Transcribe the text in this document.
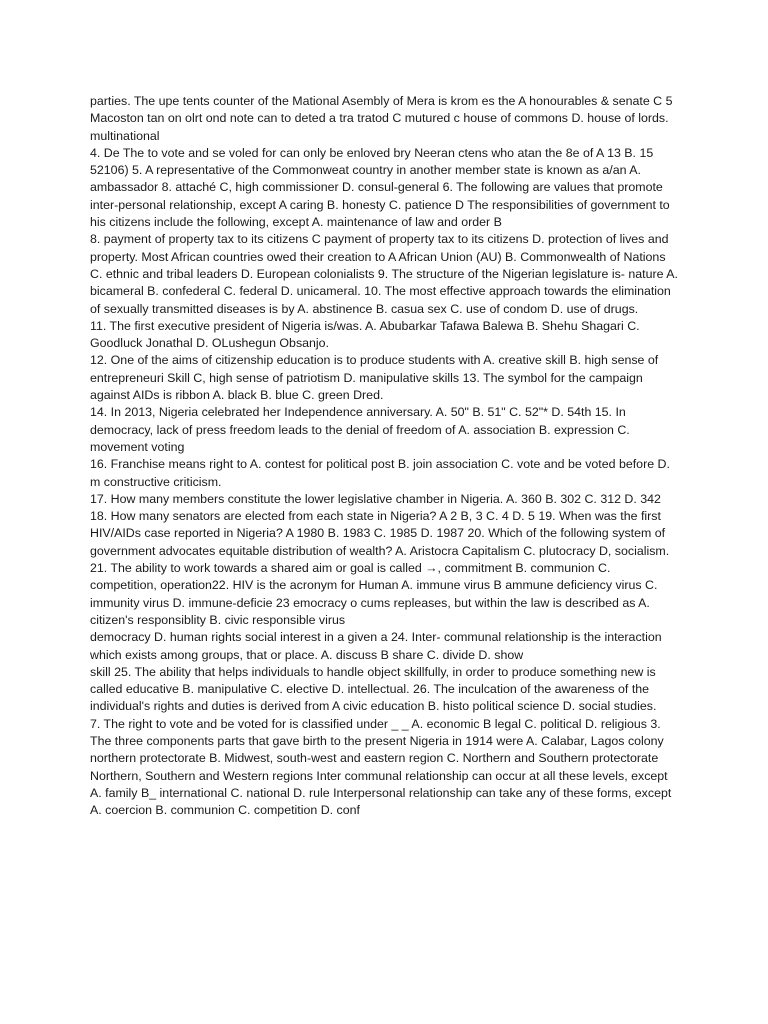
parties. The upe tents counter of the Mational Asembly of Mera is krom es the A honourables & senate C 5 Macoston tan on olrt ond note can to deted a tra tratod C mutured c house of commons D. house of lords.

multinational

4. De The to vote and se voled for can only be enloved bry Neeran ctens who atan the 8e of A 13 B. 15 52106) 5. A representative of the Commonweat country in another member state is known as a/an A. ambassador 8. attaché C, high commissioner D. consul-general 6. The following are values that promote inter-personal relationship, except A caring B. honesty C. patience D The responsibilities of government to his citizens include the following, except A. maintenance of law and order B

8. payment of property tax to its citizens C payment of property tax to its citizens D. protection of lives and property. Most African countries owed their creation to A African Union (AU) B. Commonwealth of Nations C. ethnic and tribal leaders D. European colonialists 9. The structure of the Nigerian legislature is- nature A. bicameral B. confederal C. federal D. unicameral. 10. The most effective approach towards the elimination of sexually transmitted diseases is by A. abstinence B. casua sex C. use of condom D. use of drugs.

11. The first executive president of Nigeria is/was. A. Abubarkar Tafawa Balewa B. Shehu Shagari C. Goodluck Jonathal D. OLushegun Obsanjo.

12. One of the aims of citizenship education is to produce students with A. creative skill B. high sense of entrepreneuri Skill C, high sense of patriotism D. manipulative skills 13. The symbol for the campaign against AIDs is ribbon A. black B. blue C. green Dred.

14. In 2013, Nigeria celebrated her Independence anniversary. A. 50" B. 51" C. 52"* D. 54th 15. In democracy, lack of press freedom leads to the denial of freedom of A. association B. expression C. movement voting

16. Franchise means right to A. contest for political post B. join association C. vote and be voted before D. m constructive criticism.

17. How many members constitute the lower legislative chamber in Nigeria. A. 360 B. 302 C. 312 D. 342 18. How many senators are elected from each state in Nigeria? A 2 B, 3 C. 4 D. 5 19. When was the first HIV/AIDs case reported in Nigeria? A 1980 B. 1983 C. 1985 D. 1987 20. Which of the following system of government advocates equitable distribution of wealth? A. Aristocra Capitalism C. plutocracy D, socialism. 21. The ability to work towards a shared aim or goal is called →, commitment B. communion C. competition, operation22. HIV is the acronym for Human A. immune virus B ammune deficiency virus C. immunity virus D. immune-deficie 23 emocracy o cums repleases, but within the law is described as A. citizen's responsiblity B. civic responsible virus

democracy D. human rights social interest in a given a 24. Inter- communal relationship is the interaction which exists among groups, that or place. A. discuss B share C. divide D. show

skill 25. The ability that helps individuals to handle object skillfully, in order to produce something new is called educative B. manipulative C. elective D. intellectual. 26. The inculcation of the awareness of the individual's rights and duties is derived from A civic education B. histo political science D. social studies.

7. The right to vote and be voted for is classified under _ _ A. economic B legal C. political D. religious 3. The three components parts that gave birth to the present Nigeria in 1914 were A. Calabar, Lagos colony northern protectorate B. Midwest, south-west and eastern region C. Northern and Southern protectorate Northern, Southern and Western regions Inter communal relationship can occur at all these levels, except A. family B_ international C. national D. rule Interpersonal relationship can take any of these forms, except A. coercion B. communion C. competition D. conf
